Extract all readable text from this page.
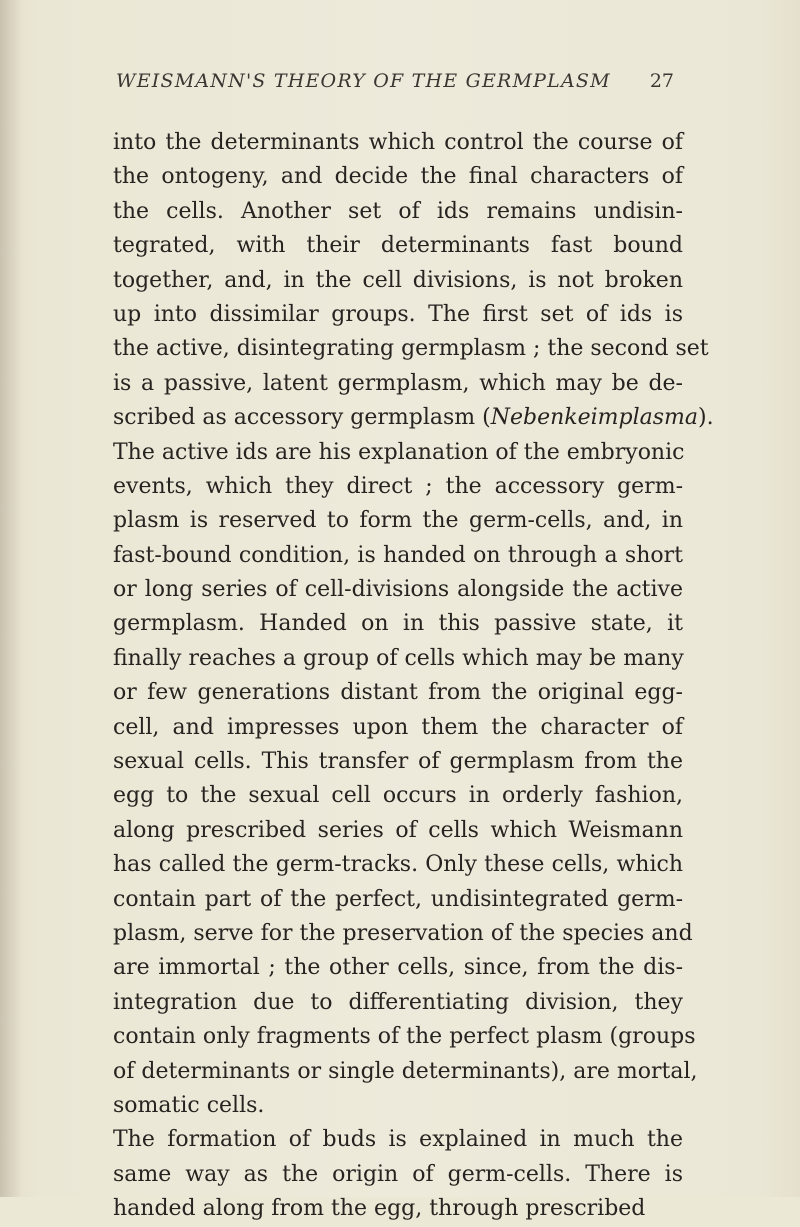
WEISMANN'S THEORY OF THE GERMPLASM 27
into the determinants which control the course of
the ontogeny, and decide the final characters of
the cells. Another set of ids remains undisin-
tegrated, with their determinants fast bound
together, and, in the cell divisions, is not broken
up into dissimilar groups. The first set of ids is
the active, disintegrating germplasm ; the second set
is a passive, latent germplasm, which may be de-
scribed as accessory germplasm (Nebenkeimplasma).
The active ids are his explanation of the embryonic
events, which they direct ; the accessory germ-
plasm is reserved to form the germ-cells, and, in
fast-bound condition, is handed on through a short
or long series of cell-divisions alongside the active
germplasm. Handed on in this passive state, it
finally reaches a group of cells which may be many
or few generations distant from the original egg-
cell, and impresses upon them the character of
sexual cells. This transfer of germplasm from the
egg to the sexual cell occurs in orderly fashion,
along prescribed series of cells which Weismann
has called the germ-tracks. Only these cells, which
contain part of the perfect, undisintegrated germ-
plasm, serve for the preservation of the species and
are immortal ; the other cells, since, from the dis-
integration due to differentiating division, they
contain only fragments of the perfect plasm (groups
of determinants or single determinants), are mortal,
somatic cells.
The formation of buds is explained in much the
same way as the origin of germ-cells. There is
handed along from the egg, through prescribed
